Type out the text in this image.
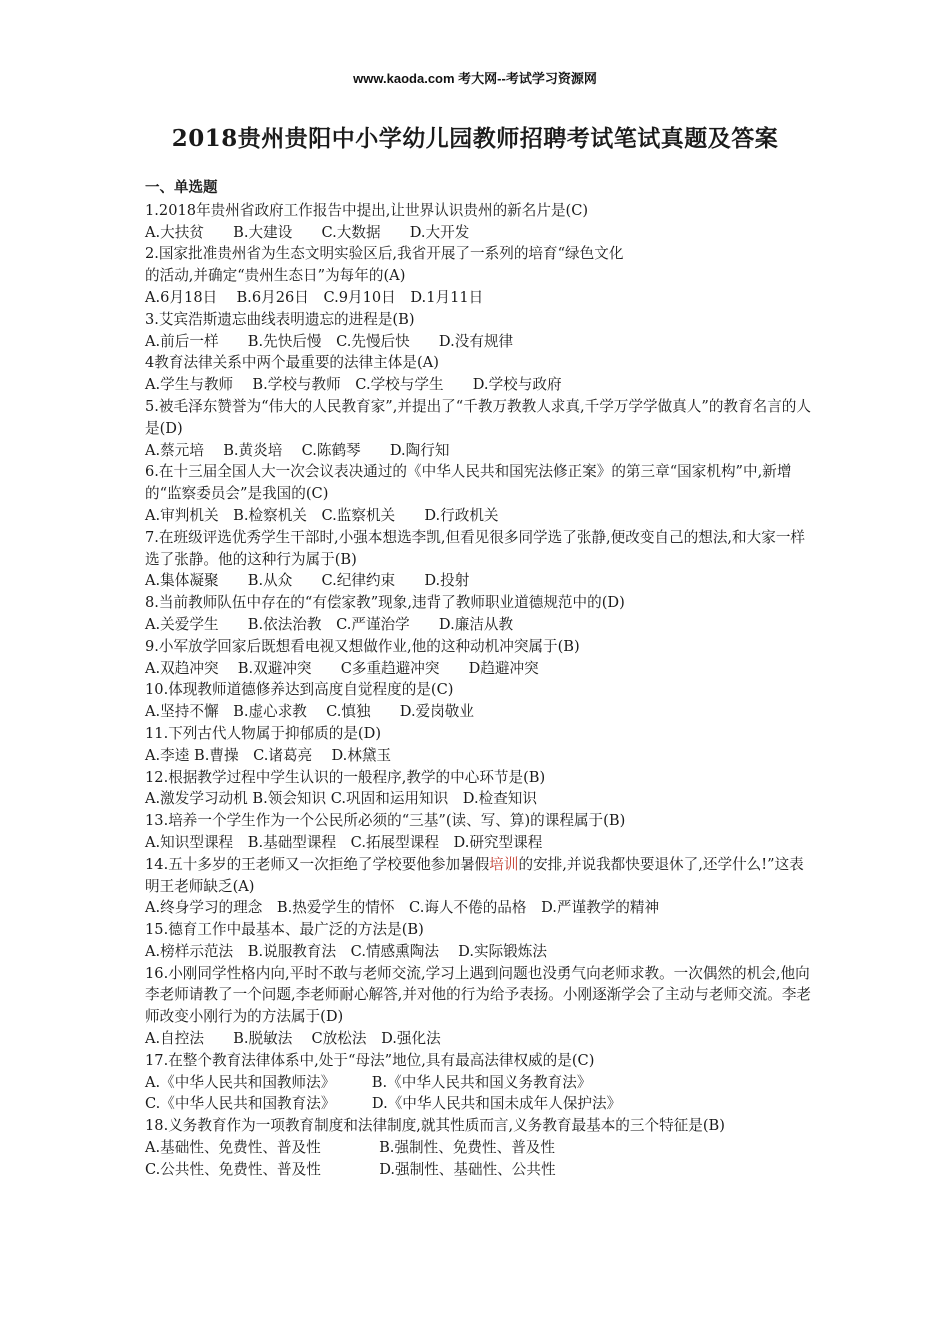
www.kaoda.com 考大网--考试学习资源网
2018贵州贵阳中小学幼儿园教师招聘考试笔试真题及答案
一、单选题
1.2018年贵州省政府工作报告中提出,让世界认识贵州的新名片是(C)
A.大扶贫　　B.大建设　　C.大数据　　D.大开发
2.国家批准贵州省为生态文明实验区后,我省开展了一系列的培育“绿色文化
的活动,并确定“贵州生态日”为每年的(A)
A.6月18日　 B.6月26日　C.9月10日　D.1月11日
3.艾宾浩斯遗忘曲线表明遗忘的进程是(B)
A.前后一样　　B.先快后慢　C.先慢后快　　D.没有规律
4教育法律关系中两个最重要的法律主体是(A)
A.学生与教师　 B.学校与教师　C.学校与学生　　D.学校与政府
5.被毛泽东赞誉为“伟大的人民教育家”,并提出了“千教万教教人求真,千学万学学做真人”的教育名言的人是(D)
A.蔡元培　 B.黄炎培　 C.陈鹤琴　　D.陶行知
6.在十三届全国人大一次会议表决通过的《中华人民共和国宪法修正案》的第三章“国家机构”中,新增的“监察委员会”是我国的(C)
A.审判机关　B.检察机关　C.监察机关　　D.行政机关
7.在班级评选优秀学生干部时,小强本想选李凯,但看见很多同学选了张静,便改变自己的想法,和大家一样选了张静。他的这种行为属于(B)
A.集体凝聚　　B.从众　　C.纪律约束　　D.投射
8.当前教师队伍中存在的“有偿家教”现象,违背了教师职业道德规范中的(D)
A.关爱学生　　B.依法治教　C.严谨治学　　D.廉洁从教
9.小军放学回家后既想看电视又想做作业,他的这种动机冲突属于(B)
A.双趋冲突　 B.双避冲突　　C多重趋避冲突　　D趋避冲突
10.体现教师道德修养达到高度自觉程度的是(C)
A.坚持不懈　B.虚心求教　 C.慎独　　D.爱岗敬业
11.下列古代人物属于抑郁质的是(D)
A.李逵 B.曹操　C.诸葛亮　 D.林黛玉
12.根据教学过程中学生认识的一般程序,教学的中心环节是(B)
A.激发学习动机 B.领会知识 C.巩固和运用知识　D.检查知识
13.培养一个学生作为一个公民所必须的“三基”(读、写、算)的课程属于(B)
A.知识型课程　B.基础型课程　C.拓展型课程　D.研究型课程
14.五十多岁的王老师又一次拒绝了学校要他参加暑假培训的安排,并说我都快要退休了,还学什么!”这表明王老师缺乏(A)
A.终身学习的理念　B.热爱学生的情怀　C.诲人不倦的品格　D.严谨教学的精神
15.德育工作中最基本、最广泛的方法是(B)
A.榜样示范法　B.说服教育法　C.情感熏陶法　 D.实际锻炼法
16.小刚同学性格内向,平时不敢与老师交流,学习上遇到问题也没勇气向老师求教。一次偶然的机会,他向李老师请教了一个问题,李老师耐心解答,并对他的行为给予表扬。小刚逐渐学会了主动与老师交流。李老师改变小刚行为的方法属于(D)
A.自控法　　B.脱敏法　 C放松法　D.强化法
17.在整个教育法律体系中,处于“母法”地位,具有最高法律权威的是(C)
A.《中华人民共和国教师法》　　　B.《中华人民共和国义务教育法》
C.《中华人民共和国教育法》　　　D.《中华人民共和国未成年人保护法》
18.义务教育作为一项教育制度和法律制度,就其性质而言,义务教育最基本的三个特征是(B)
A.基础性、免费性、普及性　　　　B.强制性、免费性、普及性
C.公共性、免费性、普及性　　　　D.强制性、基础性、公共性
